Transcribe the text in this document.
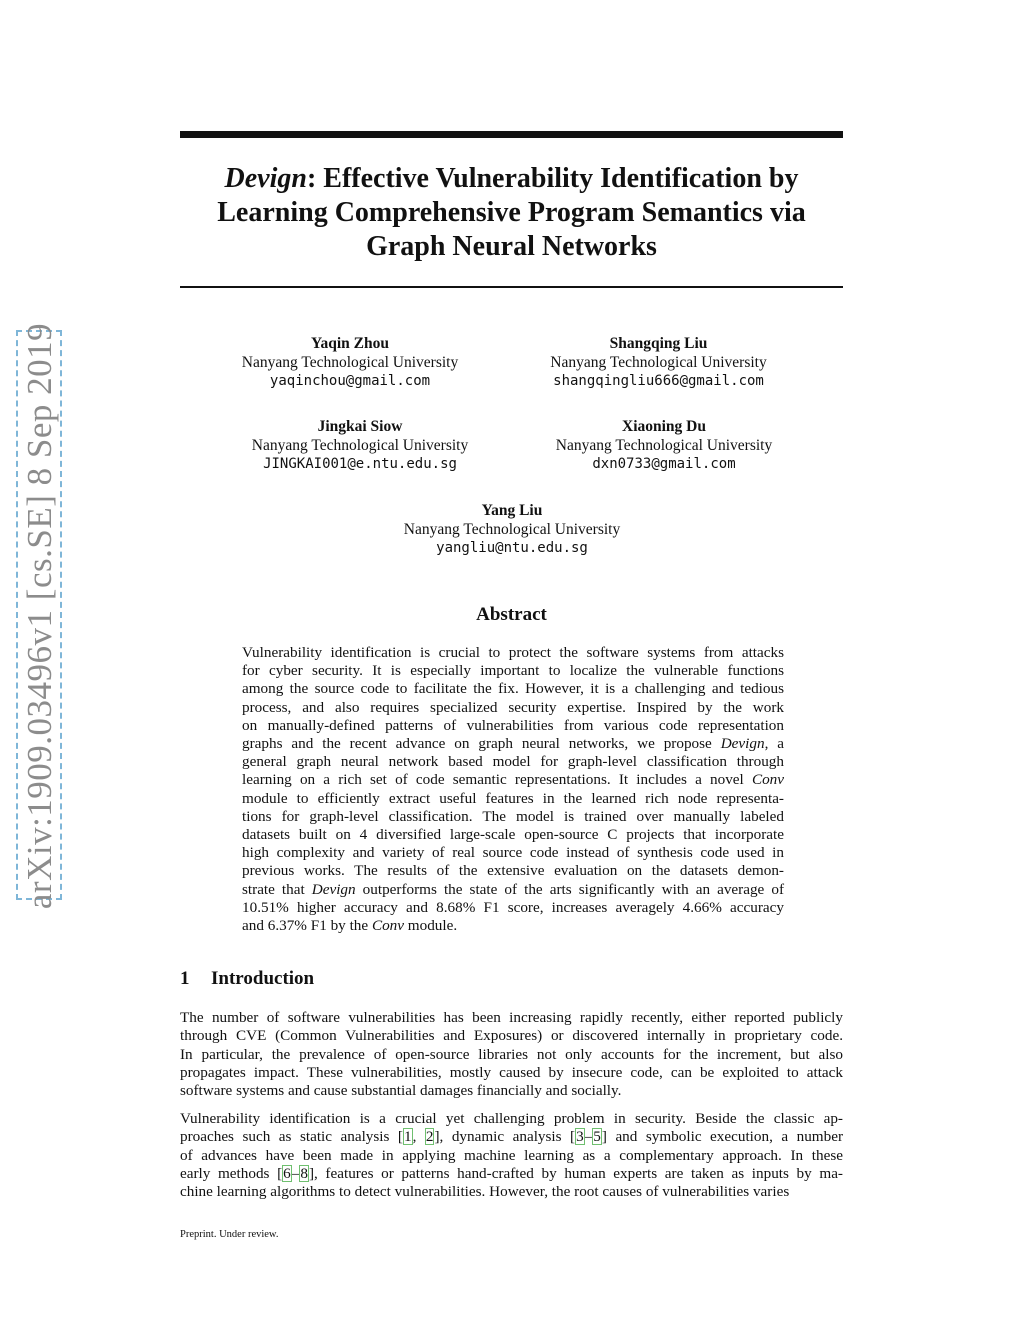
arXiv:1909.03496v1 [cs.SE] 8 Sep 2019
Devign: Effective Vulnerability Identification by
Learning Comprehensive Program Semantics via
Graph Neural Networks
Yaqin Zhou
Nanyang Technological University
yaqinchou@gmail.com
Shangqing Liu
Nanyang Technological University
shangqingliu666@gmail.com
Jingkai Siow
Nanyang Technological University
JINGKAI001@e.ntu.edu.sg
Xiaoning Du
Nanyang Technological University
dxn0733@gmail.com
Yang Liu
Nanyang Technological University
yangliu@ntu.edu.sg
Abstract
Vulnerability identification is crucial to protect the software systems from attacks
for cyber security. It is especially important to localize the vulnerable functions
among the source code to facilitate the fix. However, it is a challenging and tedious
process, and also requires specialized security expertise. Inspired by the work
on manually-defined patterns of vulnerabilities from various code representation
graphs and the recent advance on graph neural networks, we propose Devign, a
general graph neural network based model for graph-level classification through
learning on a rich set of code semantic representations. It includes a novel Conv
module to efficiently extract useful features in the learned rich node representa-
tions for graph-level classification. The model is trained over manually labeled
datasets built on 4 diversified large-scale open-source C projects that incorporate
high complexity and variety of real source code instead of synthesis code used in
previous works. The results of the extensive evaluation on the datasets demon-
strate that Devign outperforms the state of the arts significantly with an average of
10.51% higher accuracy and 8.68% F1 score, increases averagely 4.66% accuracy
and 6.37% F1 by the Conv module.
1 Introduction
The number of software vulnerabilities has been increasing rapidly recently, either reported publicly
through CVE (Common Vulnerabilities and Exposures) or discovered internally in proprietary code.
In particular, the prevalence of open-source libraries not only accounts for the increment, but also
propagates impact. These vulnerabilities, mostly caused by insecure code, can be exploited to attack
software systems and cause substantial damages financially and socially.
Vulnerability identification is a crucial yet challenging problem in security. Beside the classic ap-
proaches such as static analysis [1, 2], dynamic analysis [3–5] and symbolic execution, a number
of advances have been made in applying machine learning as a complementary approach. In these
early methods [6–8], features or patterns hand-crafted by human experts are taken as inputs by ma-
chine learning algorithms to detect vulnerabilities. However, the root causes of vulnerabilities varies
Preprint. Under review.
